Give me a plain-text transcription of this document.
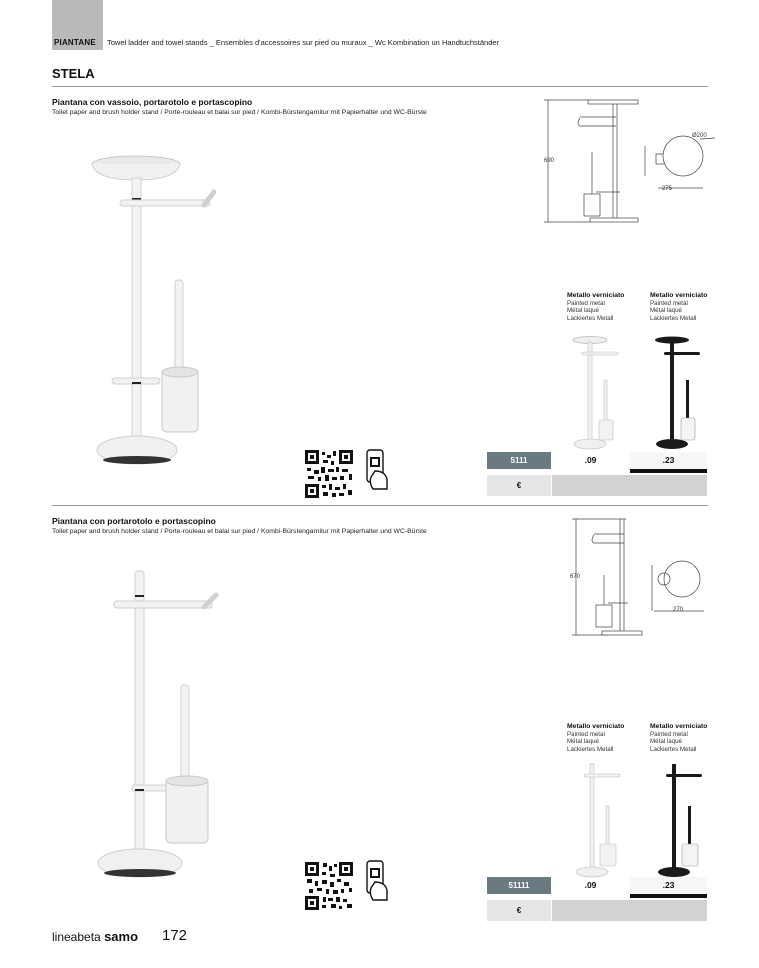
PIANTANE Towel ladder and towel stands _ Ensembles d'accessoires sur pied ou muraux _ Wc Kombination un Handtuchständer
STELA
Piantana con vassoio, portarotolo e portascopino
Toilet paper and brush holder stand / Porte-rouleau et balai sur pied / Kombi-Bürstengarnitur mit Papierhalter und WC-Bürste
690
Ø200
275
Metallo verniciato
Painted metal
Métal laqué
Lackiertes Metall
Metallo verniciato
Painted metal
Métal laqué
Lackiertes Metall
5111	.09	.23
€
Piantana con portarotolo e portascopino
Toilet paper and brush holder stand / Porte-rouleau et balai sur pied / Kombi-Bürstengarnitur mit Papierhalter und WC-Bürste
670
270
Metallo verniciato
Painted metal
Métal laqué
Lackiertes Metall
Metallo verniciato
Painted metal
Métal laqué
Lackiertes Metall
51111	.09	.23
€
lineabeta samo 172
